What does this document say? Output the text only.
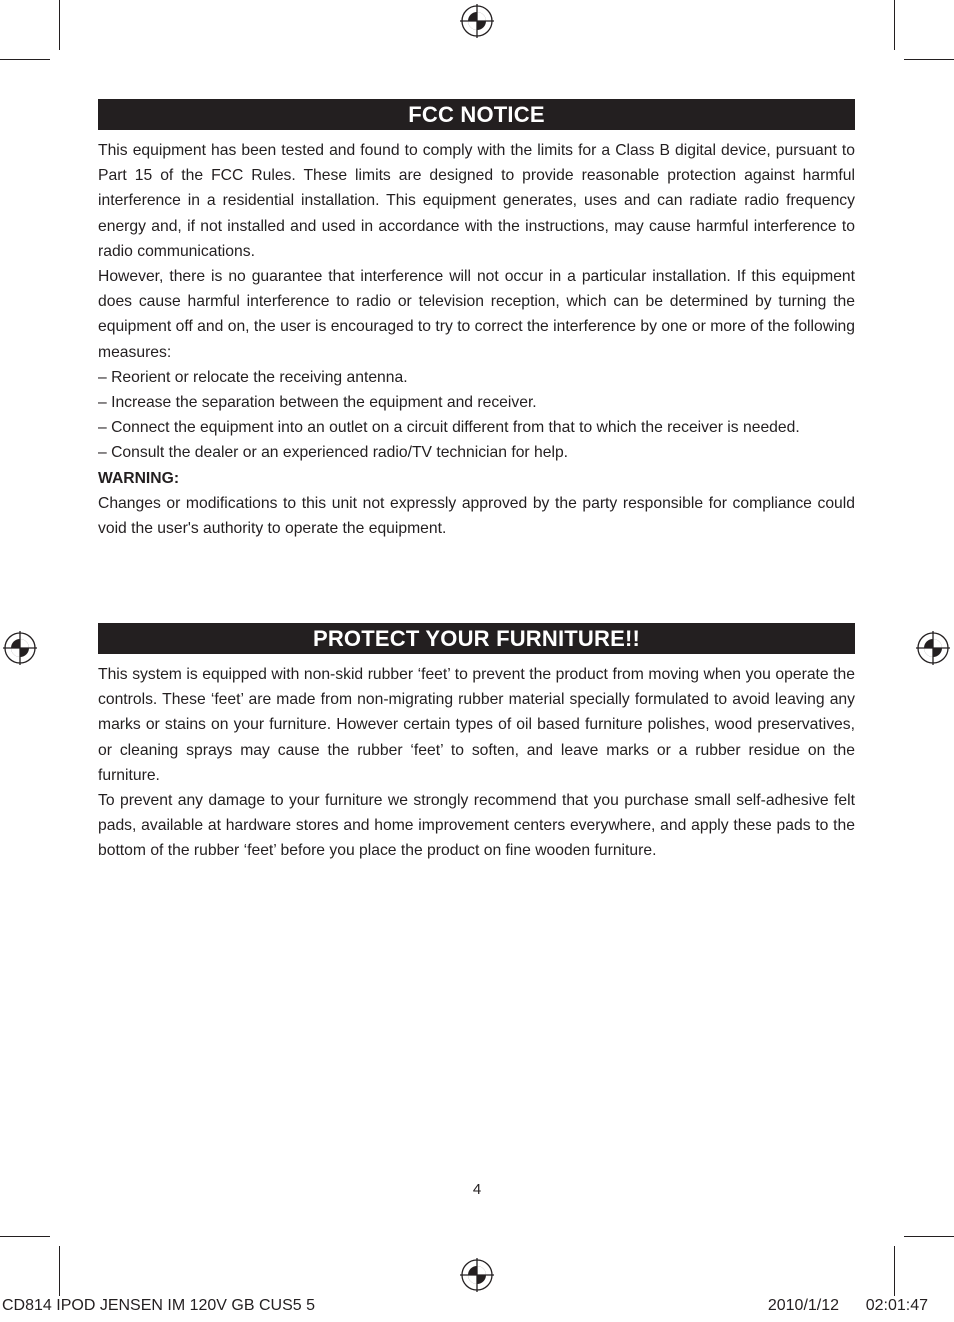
FCC NOTICE

This equipment has been tested and found to comply with the limits for a Class B digital device, pursuant to Part 15 of the FCC Rules. These limits are designed to provide reasonable protection against harmful interference in a residential installation. This equipment generates, uses and can radiate radio frequency energy and, if not installed and used in accordance with the instructions, may cause harmful interference to radio communications.

However, there is no guarantee that interference will not occur in a particular installation. If this equipment does cause harmful interference to radio or television reception, which can be determined by turning the equipment off and on, the user is encouraged to try to correct the interference by one or more of the following measures:

– Reorient or relocate the receiving antenna.
– Increase the separation between the equipment and receiver.
– Connect the equipment into an outlet on a circuit different from that to which the receiver is needed.
– Consult the dealer or an experienced radio/TV technician for help.

WARNING:

Changes or modifications to this unit not expressly approved by the party responsible for compliance could void the user's authority to operate the equipment.

PROTECT YOUR FURNITURE!!

This system is equipped with non-skid rubber ‘feet’ to prevent the product from moving when you operate the controls. These ‘feet’ are made from non-migrating rubber material specially formulated to avoid leaving any marks or stains on your furniture. However certain types of oil based furniture polishes, wood preservatives, or cleaning sprays may cause the rubber ‘feet’ to soften, and leave marks or a rubber residue on the furniture.

To prevent any damage to your furniture we strongly recommend that you purchase small self-adhesive felt pads, available at hardware stores and home improvement centers everywhere, and apply these pads to the bottom of the rubber ‘feet’ before you place the product on fine wooden furniture.

4
CD814 IPOD JENSEN IM 120V GB CUS5 5	2010/1/12      02:01:47
